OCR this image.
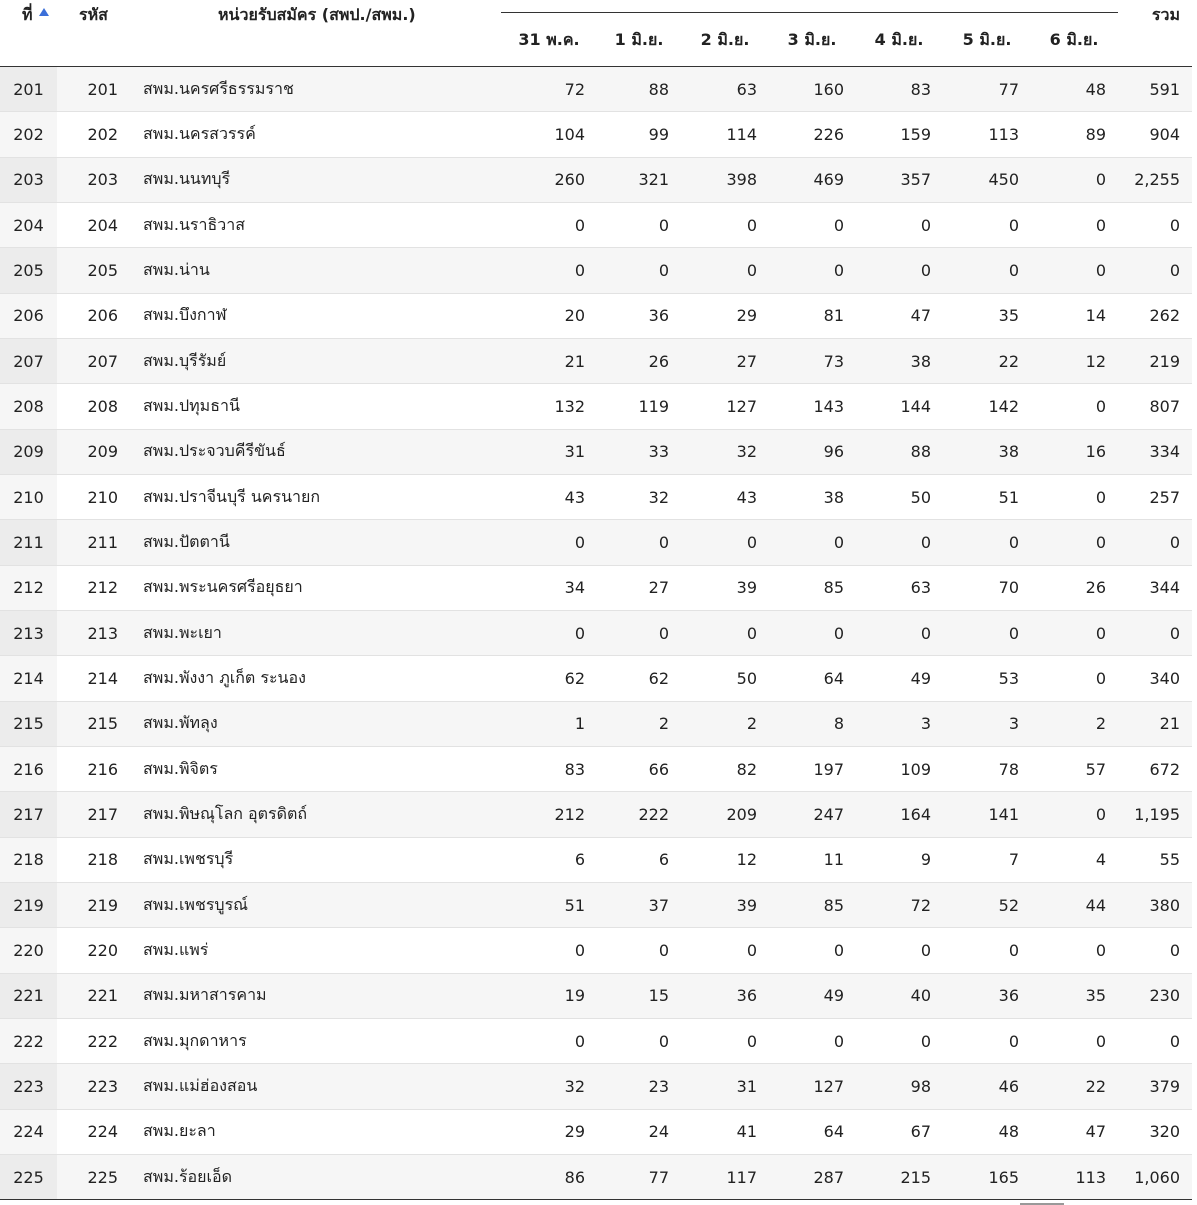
ที่	รหัส	หน่วยรับสมัคร (สพป./สพม.)
31 พ.ค.	1 มิ.ย.	2 มิ.ย.	3 มิ.ย.	4 มิ.ย.	5 มิ.ย.	6 มิ.ย.
รวม
201	201 สพม.นครศรีธรรมราช	72	88	63	160	83	77	48	591
202	202 สพม.นครสวรรค์	104	99	114	226	159	113	89	904
203	203 สพม.นนทบุรี	260	321	398	469	357	450	0	2,255
204	204 สพม.นราธิวาส	0	0	0	0	0	0	0	0
205	205 สพม.น่าน	0	0	0	0	0	0	0	0
206	206 สพม.บึงกาฬ	20	36	29	81	47	35	14	262
207	207 สพม.บุรีรัมย์	21	26	27	73	38	22	12	219
208	208 สพม.ปทุมธานี	132	119	127	143	144	142	0	807
209	209 สพม.ประจวบคีรีขันธ์	31	33	32	96	88	38	16	334
210	210 สพม.ปราจีนบุรี นครนายก	43	32	43	38	50	51	0	257
211	211 สพม.ปัตตานี	0	0	0	0	0	0	0	0
212	212 สพม.พระนครศรีอยุธยา	34	27	39	85	63	70	26	344
213	213 สพม.พะเยา	0	0	0	0	0	0	0	0
214	214 สพม.พังงา ภูเก็ต ระนอง	62	62	50	64	49	53	0	340
215	215 สพม.พัทลุง	1	2	2	8	3	3	2	21
216	216 สพม.พิจิตร	83	66	82	197	109	78	57	672
217	217 สพม.พิษณุโลก อุตรดิตถ์	212	222	209	247	164	141	0	1,195
218	218 สพม.เพชรบุรี	6	6	12	11	9	7	4	55
219	219 สพม.เพชรบูรณ์	51	37	39	85	72	52	44	380
220	220 สพม.แพร่	0	0	0	0	0	0	0	0
221	221 สพม.มหาสารคาม	19	15	36	49	40	36	35	230
222	222 สพม.มุกดาหาร	0	0	0	0	0	0	0	0
223	223 สพม.แม่ฮ่องสอน	32	23	31	127	98	46	22	379
224	224 สพม.ยะลา	29	24	41	64	67	48	47	320
225	225 สพม.ร้อยเอ็ด	86	77	117	287	215	165	113	1,060
